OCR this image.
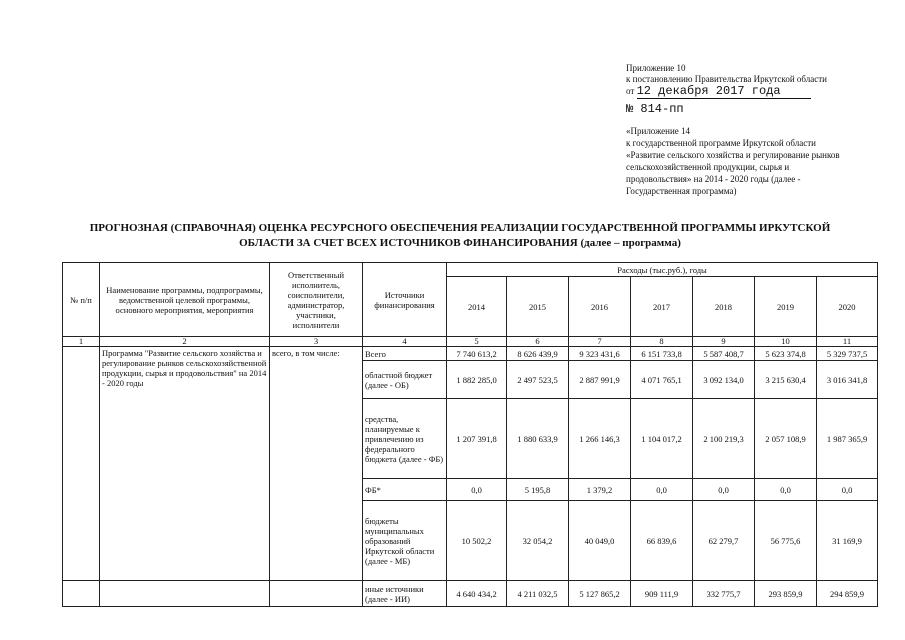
Приложение 10
к постановлению Правительства Иркутской области
от 12 декабря 2017 года
№ 814-пп
«Приложение 14
к государственной программе Иркутской области
«Развитие сельского хозяйства и регулирование рынков
сельскохозяйственной продукции, сырья и
продовольствия» на 2014 - 2020 годы (далее -
Государственная программа)
ПРОГНОЗНАЯ (СПРАВОЧНАЯ) ОЦЕНКА РЕСУРСНОГО ОБЕСПЕЧЕНИЯ РЕАЛИЗАЦИИ ГОСУДАРСТВЕННОЙ ПРОГРАММЫ ИРКУТСКОЙ
ОБЛАСТИ ЗА СЧЕТ ВСЕХ ИСТОЧНИКОВ ФИНАНСИРОВАНИЯ (далее – программа)
№ п/п	Наименование программы, подпрограммы, ведомственной целевой программы, основного мероприятия, мероприятия	Ответственный исполнитель, соисполнители, администратор, участники, исполнители	Источники финансирования	Расходы (тыс.руб.), годы						
				2014	2015	2016	2017	2018	2019	2020
1	2	3	4	5	6	7	8	9	10	11
	Программа "Развитие сельского хозяйства и регулирование рынков сельскохозяйственной продукции, сырья и продовольствия" на 2014 - 2020 годы	всего, в том числе:	Всего	7 740 613,2	8 626 439,9	9 323 431,6	6 151 733,8	5 587 408,7	5 623 374,8	5 329 737,5
			областной бюджет (далее - ОБ)	1 882 285,0	2 497 523,5	2 887 991,9	4 071 765,1	3 092 134,0	3 215 630,4	3 016 341,8
			средства, планируемые к привлечению из федерального бюджета (далее - ФБ)	1 207 391,8	1 880 633,9	1 266 146,3	1 104 017,2	2 100 219,3	2 057 108,9	1 987 365,9
			ФБ*	0,0	5 195,8	1 379,2	0,0	0,0	0,0	0,0
			бюджеты муниципальных образований Иркутской области (далее - МБ)	10 502,2	32 054,2	40 049,0	66 839,6	62 279,7	56 775,6	31 169,9
			иные источники (далее - ИИ)	4 640 434,2	4 211 032,5	5 127 865,2	909 111,9	332 775,7	293 859,9	294 859,9
